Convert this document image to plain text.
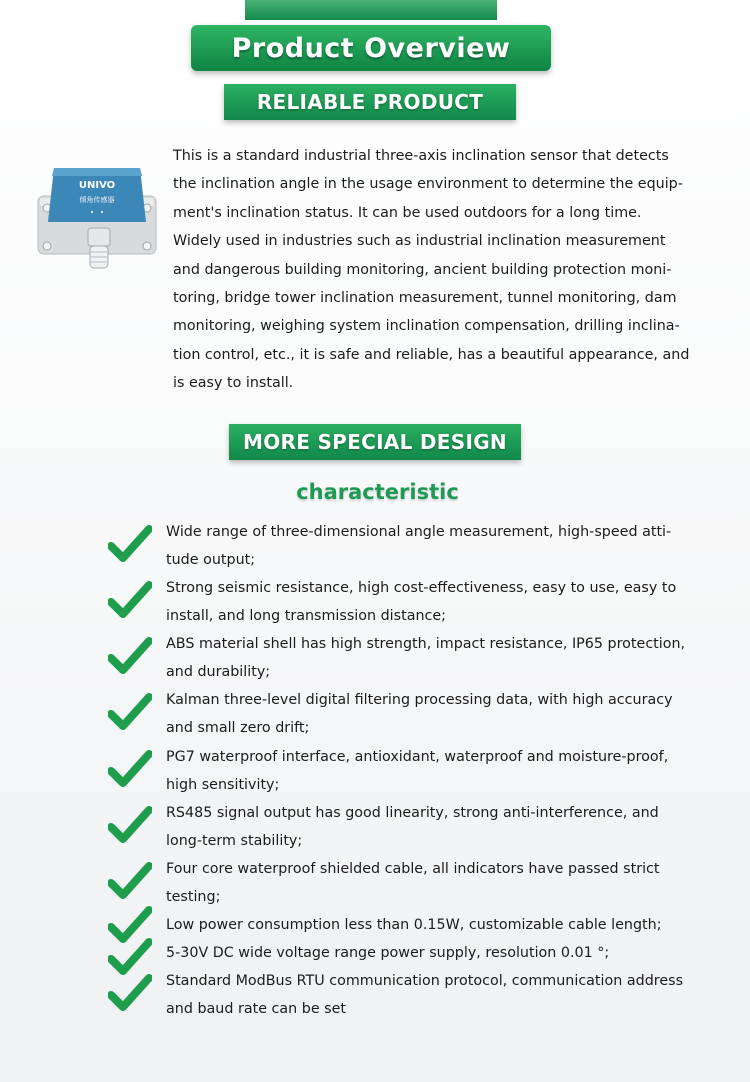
Product Overview
RELIABLE PRODUCT
UNIVO
倾角传感器

This is a standard industrial three-axis inclination sensor that detects the inclination angle in the usage environment to determine the equipment's inclination status. It can be used outdoors for a long time. Widely used in industries such as industrial inclination measurement and dangerous building monitoring, ancient building protection monitoring, bridge tower inclination measurement, tunnel monitoring, dam monitoring, weighing system inclination compensation, drilling inclination control, etc., it is safe and reliable, has a beautiful appearance, and is easy to install.

MORE SPECIAL DESIGN
characteristic
Wide range of three-dimensional angle measurement, high-speed attitude output;
Strong seismic resistance, high cost-effectiveness, easy to use, easy to install, and long transmission distance;
ABS material shell has high strength, impact resistance, IP65 protection, and durability;
Kalman three-level digital filtering processing data, with high accuracy and small zero drift;
PG7 waterproof interface, antioxidant, waterproof and moisture-proof, high sensitivity;
RS485 signal output has good linearity, strong anti-interference, and long-term stability;
Four core waterproof shielded cable, all indicators have passed strict testing;
Low power consumption less than 0.15W, customizable cable length;
5-30V DC wide voltage range power supply, resolution 0.01 °;
Standard ModBus RTU communication protocol, communication address and baud rate can be set
